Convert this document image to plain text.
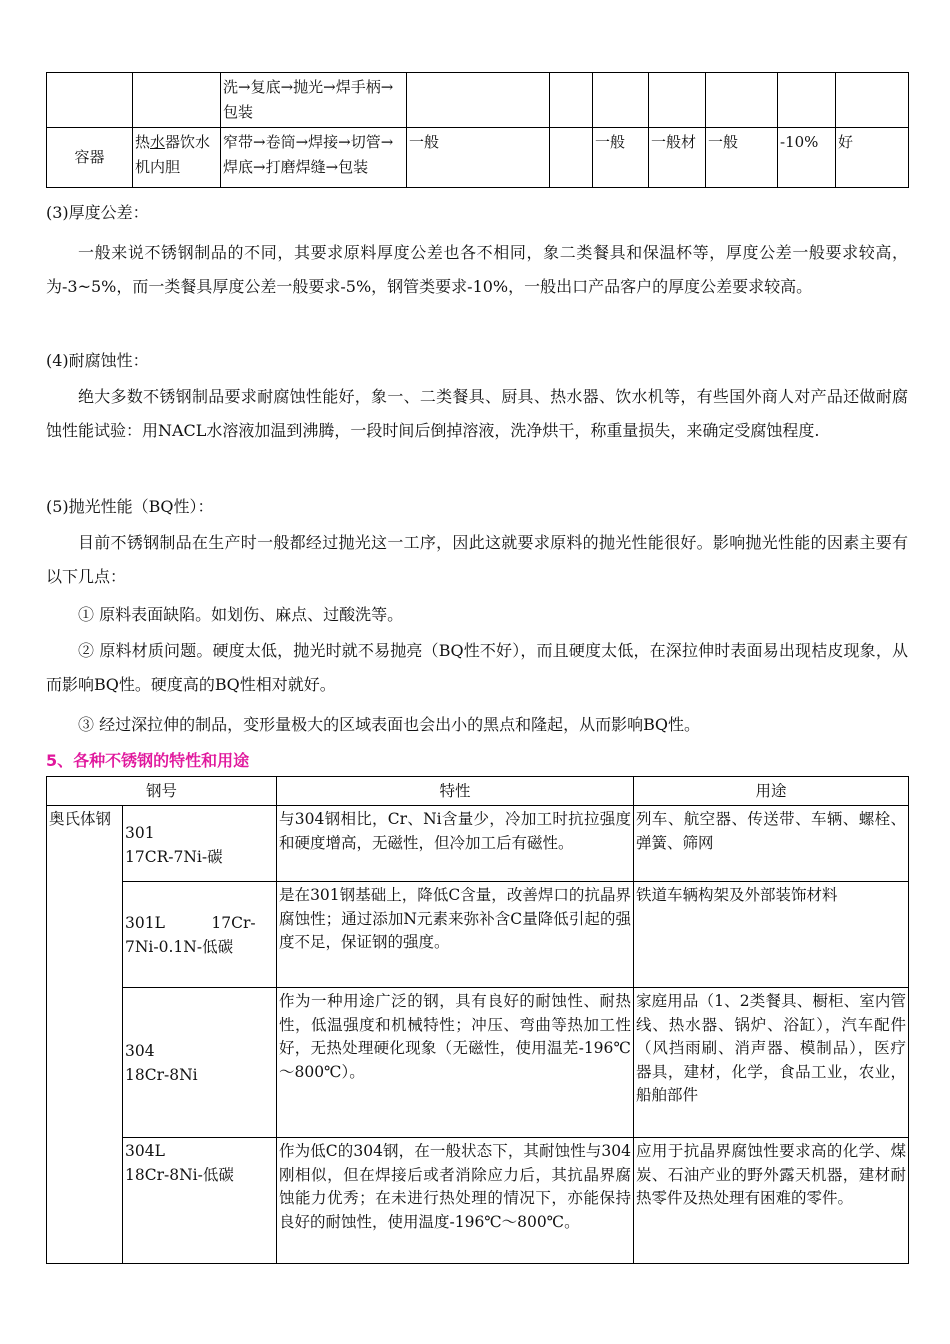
		洗→复底→抛光→焊手柄→包装							
容器	热水器饮水机内胆	窄带→卷筒→焊接→切管→焊底→打磨焊缝→包装	一般		一般	一般材	一般	-10%	好
(3)厚度公差：
一般来说不锈钢制品的不同，其要求原料厚度公差也各不相同，象二类餐具和保温杯等，厚度公差一般要求较高，为-3~5%，而一类餐具厚度公差一般要求-5%，钢管类要求-10%，一般出口产品客户的厚度公差要求较高。
(4)耐腐蚀性：
绝大多数不锈钢制品要求耐腐蚀性能好，象一、二类餐具、厨具、热水器、饮水机等，有些国外商人对产品还做耐腐蚀性能试验：用NACL水溶液加温到沸腾，一段时间后倒掉溶液，洗净烘干，称重量损失，来确定受腐蚀程度.
(5)抛光性能（BQ性）：
目前不锈钢制品在生产时一般都经过抛光这一工序，因此这就要求原料的抛光性能很好。影响抛光性能的因素主要有以下几点：
① 原料表面缺陷。如划伤、麻点、过酸洗等。
② 原料材质问题。硬度太低，抛光时就不易抛亮（BQ性不好），而且硬度太低，在深拉伸时表面易出现桔皮现象，从而影响BQ性。硬度高的BQ性相对就好。
③ 经过深拉伸的制品，变形量极大的区域表面也会出小的黑点和隆起，从而影响BQ性。
5、各种不锈钢的特性和用途
钢号		特性	用途
奥氏体钢	301
17CR-7Ni-碳	与304钢相比，Cr、Ni含量少，冷加工时抗拉强度和硬度增高，无磁性，但冷加工后有磁性。	列车、航空器、传送带、车辆、螺栓、弹簧、筛网

	301L　　　17Cr-
7Ni-0.1N-低碳	是在301钢基础上，降低C含量，改善焊口的抗晶界腐蚀性；通过添加N元素来弥补含C量降低引起的强度不足，保证钢的强度。	铁道车辆构架及外部装饰材料

	304
18Cr-8Ni	作为一种用途广泛的钢，具有良好的耐蚀性、耐热性，低温强度和机械特性；冲压、弯曲等热加工性好，无热处理硬化现象（无磁性，使用温芜-196℃～800℃）。	家庭用品（1、2类餐具、橱柜、室内管线、热水器、锅炉、浴缸），汽车配件（风挡雨刷、消声器、模制品），医疗器具，建材，化学，食品工业，农业，船舶部件

	304L
18Cr-8Ni-低碳	作为低C的304钢，在一般状态下，其耐蚀性与304刚相似，但在焊接后或者消除应力后，其抗晶界腐蚀能力优秀；在未进行热处理的情况下，亦能保持良好的耐蚀性，使用温度-196℃～800℃。	应用于抗晶界腐蚀性要求高的化学、煤炭、石油产业的野外露天机器，建材耐热零件及热处理有困难的零件。
